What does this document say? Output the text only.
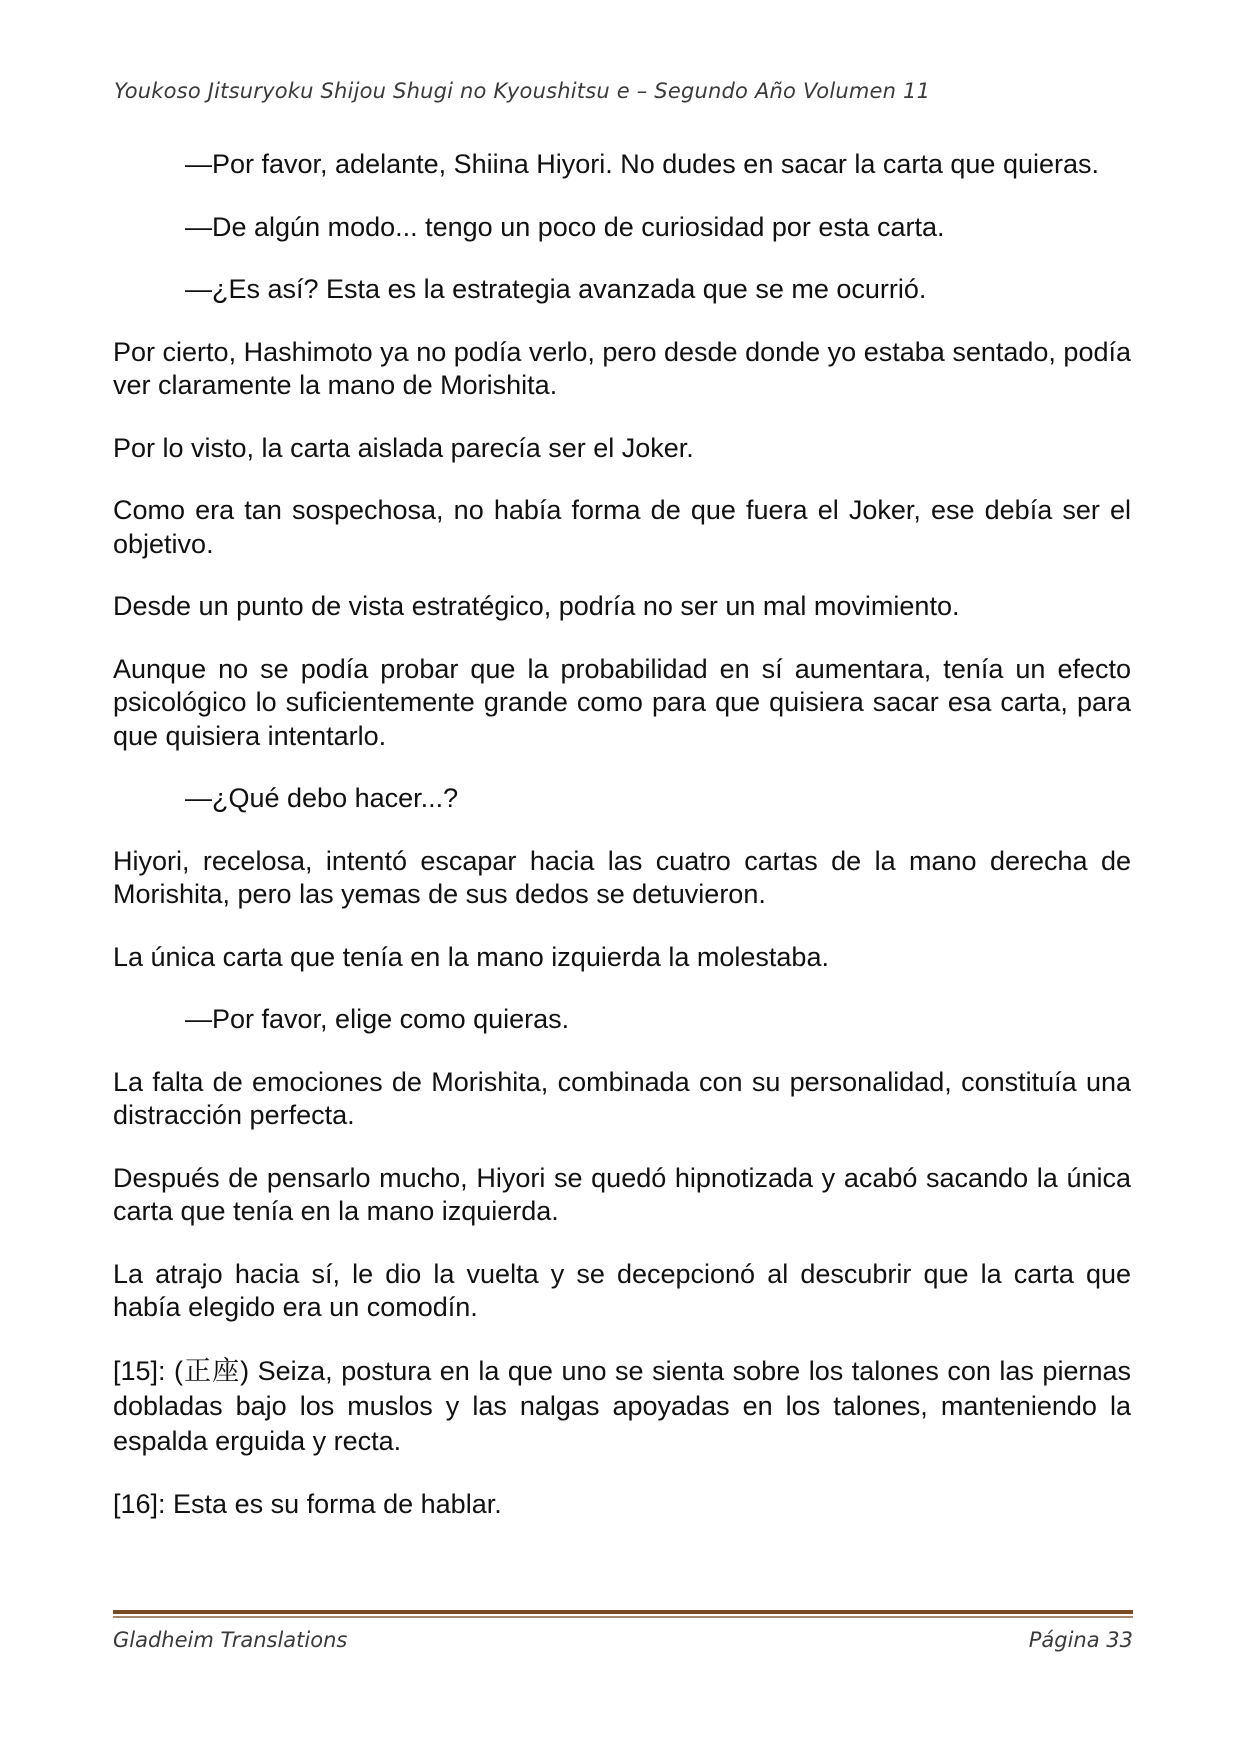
Youkoso Jitsuryoku Shijou Shugi no Kyoushitsu e – Segundo Año Volumen 11

—Por favor, adelante, Shiina Hiyori. No dudes en sacar la carta que quieras.

—De algún modo... tengo un poco de curiosidad por esta carta.

—¿Es así? Esta es la estrategia avanzada que se me ocurrió.

Por cierto, Hashimoto ya no podía verlo, pero desde donde yo estaba sentado, podía ver claramente la mano de Morishita.

Por lo visto, la carta aislada parecía ser el Joker.

Como era tan sospechosa, no había forma de que fuera el Joker, ese debía ser el objetivo.

Desde un punto de vista estratégico, podría no ser un mal movimiento.

Aunque no se podía probar que la probabilidad en sí aumentara, tenía un efecto psicológico lo suficientemente grande como para que quisiera sacar esa carta, para que quisiera intentarlo.

—¿Qué debo hacer...?

Hiyori, recelosa, intentó escapar hacia las cuatro cartas de la mano derecha de Morishita, pero las yemas de sus dedos se detuvieron.

La única carta que tenía en la mano izquierda la molestaba.

—Por favor, elige como quieras.

La falta de emociones de Morishita, combinada con su personalidad, constituía una distracción perfecta.

Después de pensarlo mucho, Hiyori se quedó hipnotizada y acabó sacando la única carta que tenía en la mano izquierda.

La atrajo hacia sí, le dio la vuelta y se decepcionó al descubrir que la carta que había elegido era un comodín.

[15]: (正座) Seiza, postura en la que uno se sienta sobre los talones con las piernas dobladas bajo los muslos y las nalgas apoyadas en los talones, manteniendo la espalda erguida y recta.

[16]: Esta es su forma de hablar.

Gladheim Translations	Página 33
